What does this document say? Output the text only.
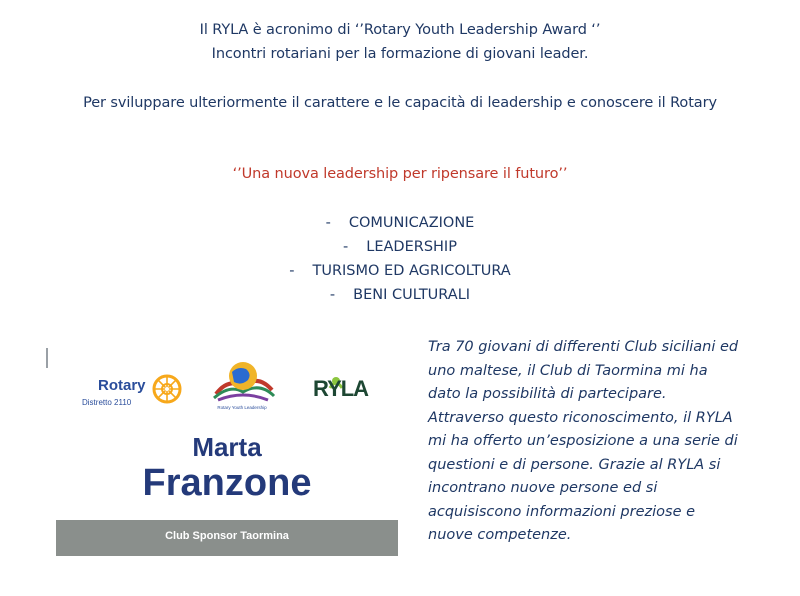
Il RYLA è acronimo di ‘’Rotary Youth Leadership Award ‘’
Incontri rotariani per la formazione di giovani leader.
Per sviluppare ulteriormente il carattere e le capacità di leadership e conoscere il Rotary
‘’Una nuova leadership per ripensare il futuro’’
- COMUNICAZIONE
- LEADERSHIP
- TURISMO ED AGRICOLTURA
- BENI CULTURALI
Rotary
Distretto 2110
Rotary Youth Leadership
RYLA
Marta
Franzone
Club Sponsor Taormina
Tra 70 giovani di differenti Club siciliani ed
uno maltese, il Club di Taormina mi ha
dato la possibilità di partecipare.
Attraverso questo riconoscimento, il RYLA
mi ha offerto un’esposizione a una serie di
questioni e di persone. Grazie al RYLA si
incontrano nuove persone ed si
acquisiscono informazioni preziose e
nuove competenze.
